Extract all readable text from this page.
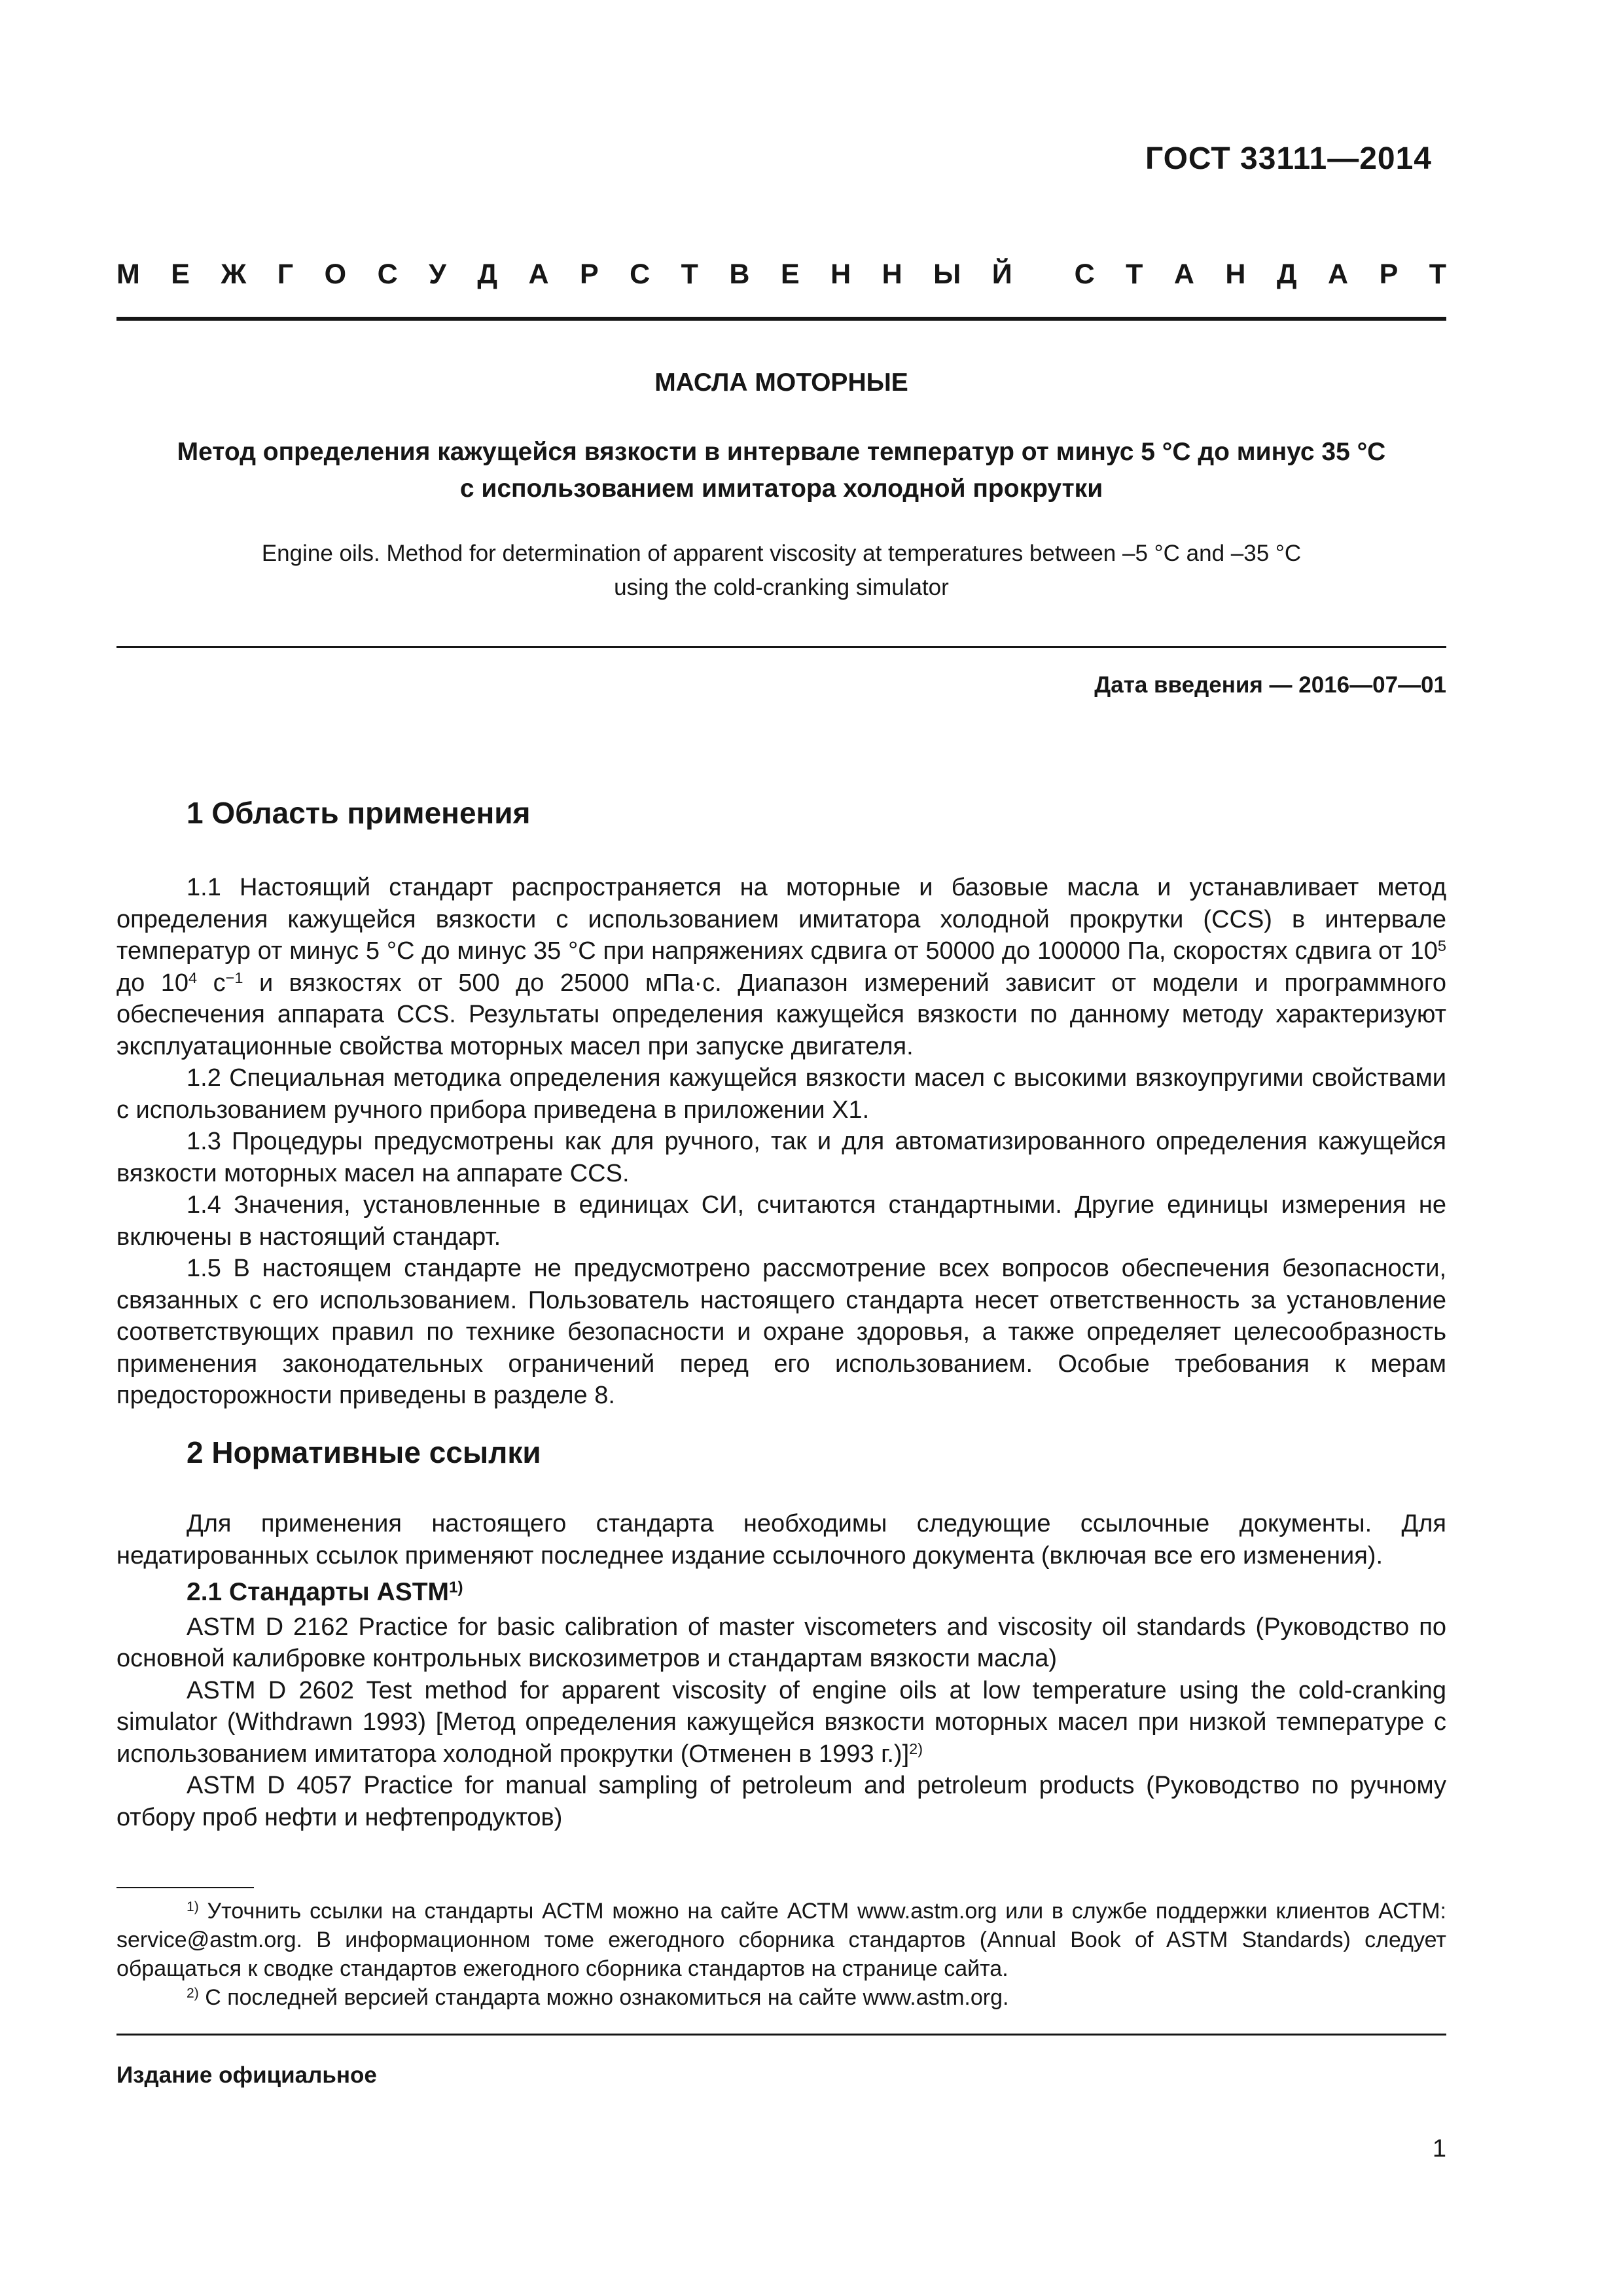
ГОСТ 33111—2014
М Е Ж Г О С У Д А Р С Т В Е Н Н Ы Й С Т А Н Д А Р Т
МАСЛА МОТОРНЫЕ
Метод определения кажущейся вязкости в интервале температур от минус 5 °С до минус 35 °С
с использованием имитатора холодной прокрутки
Engine oils. Method for determination of apparent viscosity at temperatures between –5 °C and –35 °C
using the cold-cranking simulator
Дата введения — 2016—07—01
1 Область применения

1.1 Настоящий стандарт распространяется на моторные и базовые масла и устанавливает метод определения кажущейся вязкости с использованием имитатора холодной прокрутки (CCS) в интервале температур от минус 5 °С до минус 35 °С при напряжениях сдвига от 50000 до 100000 Па, скоростях сдвига от $10^5$ до $10^4$ $с^{-1}$ и вязкостях от 500 до 25000 мПа·с. Диапазон измерений зависит от модели и программного обеспечения аппарата CCS. Результаты определения кажущейся вязкости по данному методу характеризуют эксплуатационные свойства моторных масел при запуске двигателя.

1.2 Специальная методика определения кажущейся вязкости масел с высокими вязкоупругими свойствами с использованием ручного прибора приведена в приложении X1.

1.3 Процедуры предусмотрены как для ручного, так и для автоматизированного определения кажущейся вязкости моторных масел на аппарате CCS.

1.4 Значения, установленные в единицах СИ, считаются стандартными. Другие единицы измерения не включены в настоящий стандарт.

1.5 В настоящем стандарте не предусмотрено рассмотрение всех вопросов обеспечения безопасности, связанных с его использованием. Пользователь настоящего стандарта несет ответственность за установление соответствующих правил по технике безопасности и охране здоровья, а также определяет целесообразность применения законодательных ограничений перед его использованием. Особые требования к мерам предосторожности приведены в разделе 8.

2 Нормативные ссылки

Для применения настоящего стандарта необходимы следующие ссылочные документы. Для недатированных ссылок применяют последнее издание ссылочного документа (включая все его изменения).

2.1 Стандарты ASTM$^{1)}$

ASTM D 2162 Practice for basic calibration of master viscometers and viscosity oil standards (Руководство по основной калибровке контрольных вискозиметров и стандартам вязкости масла)

ASTM D 2602 Test method for apparent viscosity of engine oils at low temperature using the cold-cranking simulator (Withdrawn 1993) [Метод определения кажущейся вязкости моторных масел при низкой температуре с использованием имитатора холодной прокрутки (Отменен в 1993 г.)]$^{2)}$

ASTM D 4057 Practice for manual sampling of petroleum and petroleum products (Руководство по ручному отбору проб нефти и нефтепродуктов)

$^{1)}$ Уточнить ссылки на стандарты АСТМ можно на сайте АСТМ www.astm.org или в службе поддержки клиентов АСТМ: service@astm.org. В информационном томе ежегодного сборника стандартов (Annual Book of ASTM Standards) следует обращаться к сводке стандартов ежегодного сборника стандартов на странице сайта.

$^{2)}$ С последней версией стандарта можно ознакомиться на сайте www.astm.org.

Издание официальное
1
